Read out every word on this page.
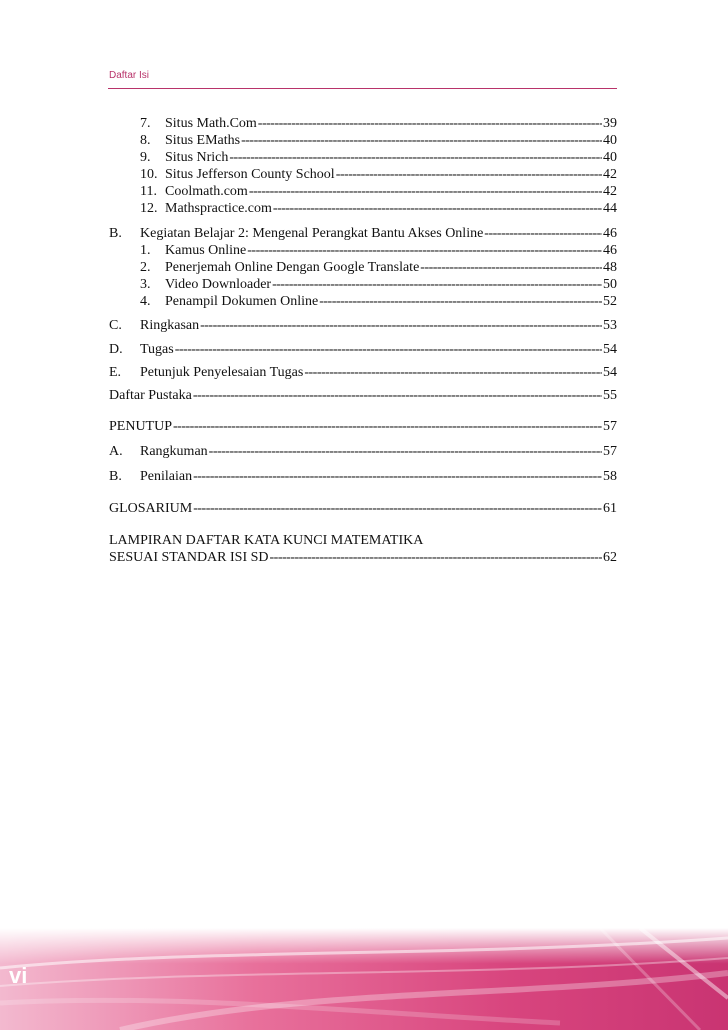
Daftar Isi
7.	Situs Math.Com -----	39
8.	Situs EMaths -----	40
9.	Situs Nrich -----	40
10. Situs Jefferson County School -----	42
11. Coolmath.com -----	42
12. Mathspractice.com -----	44
B.	Kegiatan Belajar 2: Mengenal Perangkat Bantu Akses Online -----	46
1.	Kamus Online -----	46
2.	Penerjemah Online Dengan Google Translate -----	48
3.	Video Downloader -----	50
4.	Penampil Dokumen Online -----	52
C.	Ringkasan -----	53
D.	Tugas -----	54
E.	Petunjuk Penyelesaian Tugas -----	54
Daftar Pustaka -----	55
PENUTUP -----	57
A.	Rangkuman -----	57
B.	Penilaian -----	58
GLOSARIUM -----	61
LAMPIRAN DAFTAR KATA KUNCI MATEMATIKA
SESUAI STANDAR ISI SD -----	62
vi
